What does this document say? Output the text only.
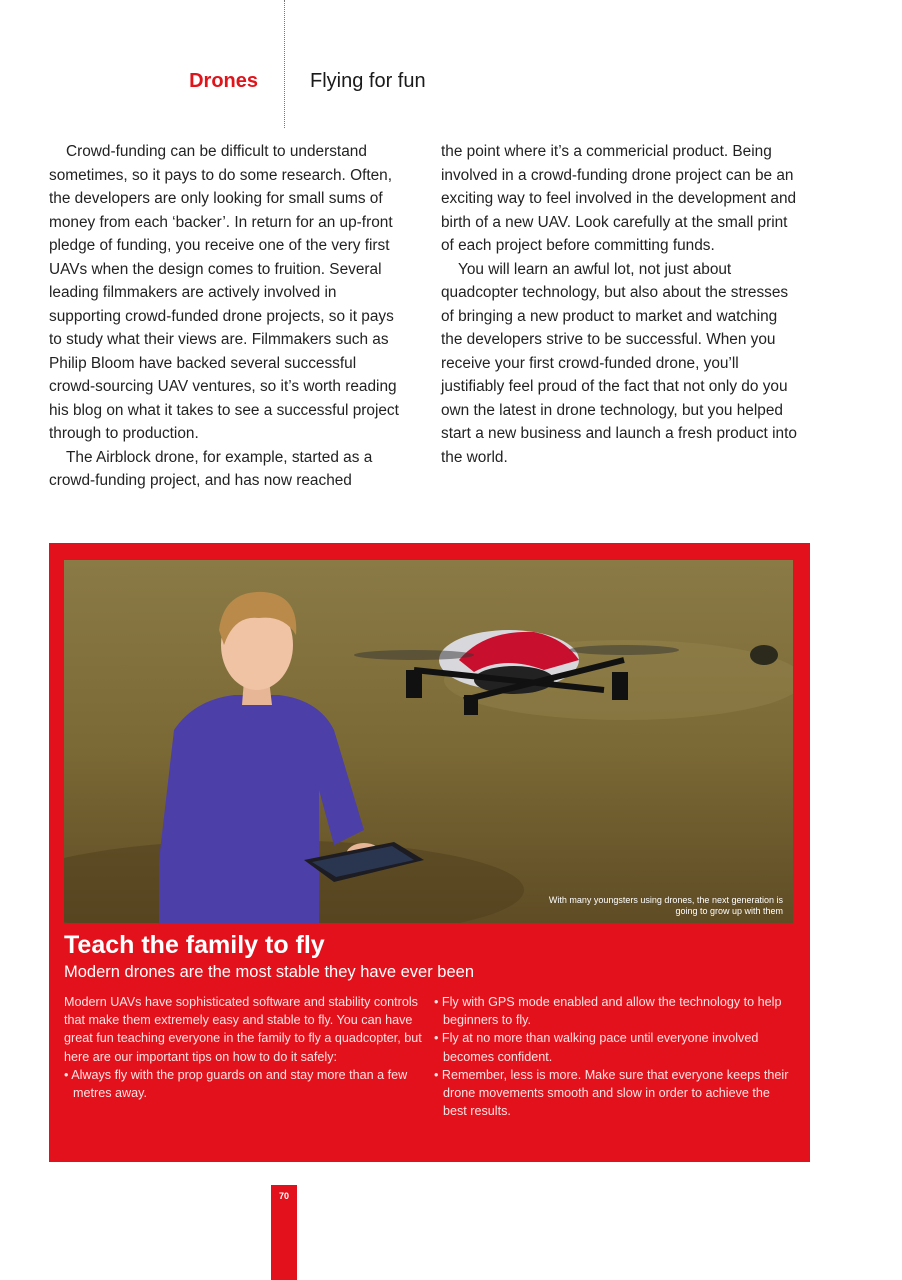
Drones	Flying for fun

Crowd-funding can be difficult to understand sometimes, so it pays to do some research. Often, the developers are only looking for small sums of money from each ‘backer’. In return for an up-front pledge of funding, you receive one of the very first UAVs when the design comes to fruition. Several leading filmmakers are actively involved in supporting crowd-funded drone projects, so it pays to study what their views are. Filmmakers such as Philip Bloom have backed several successful crowd-sourcing UAV ventures, so it’s worth reading his blog on what it takes to see a successful project through to production.

The Airblock drone, for example, started as a crowd-funding project, and has now reached

the point where it’s a commericial product. Being involved in a crowd-funding drone project can be an exciting way to feel involved in the development and birth of a new UAV. Look carefully at the small print of each project before committing funds.

You will learn an awful lot, not just about quadcopter technology, but also about the stresses of bringing a new product to market and watching the developers strive to be successful. When you receive your first crowd-funded drone, you’ll justifiably feel proud of the fact that not only do you own the latest in drone technology, but you helped start a new business and launch a fresh product into the world.

With many youngsters using drones, the next generation is going to grow up with them
Teach the family to fly
Modern drones are the most stable they have ever been

Modern UAVs have sophisticated software and stability controls that make them extremely easy and stable to fly. You can have great fun teaching everyone in the family to fly a quadcopter, but here are our important tips on how to do it safely:

• Always fly with the prop guards on and stay more than a few metres away.
• Fly with GPS mode enabled and allow the technology to help beginners to fly.
• Fly at no more than walking pace until everyone involved becomes confident.
• Remember, less is more. Make sure that everyone keeps their drone movements smooth and slow in order to achieve the best results.
70
